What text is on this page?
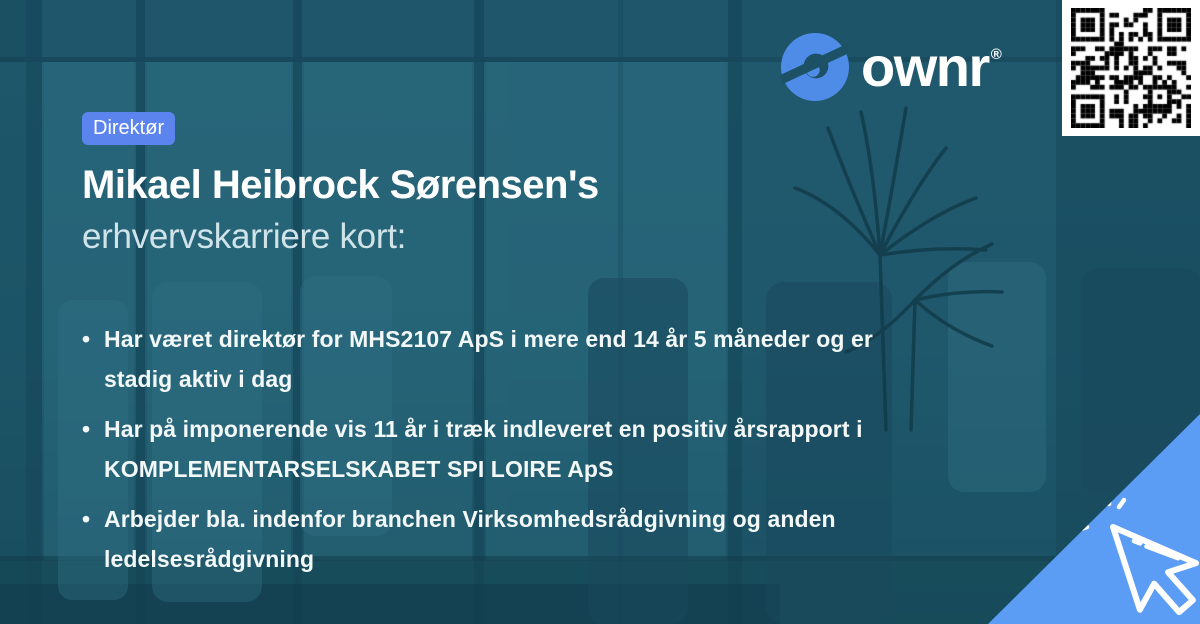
ownr ®
Direktør
Mikael Heibrock Sørensen's
erhvervskarriere kort:
• Har været direktør for MHS2107 ApS i mere end 14 år 5 måneder og er stadig aktiv i dag
• Har på imponerende vis 11 år i træk indleveret en positiv årsrapport i KOMPLEMENTARSELSKABET SPI LOIRE ApS
• Arbejder bla. indenfor branchen Virksomhedsrådgivning og anden ledelsesrådgivning
